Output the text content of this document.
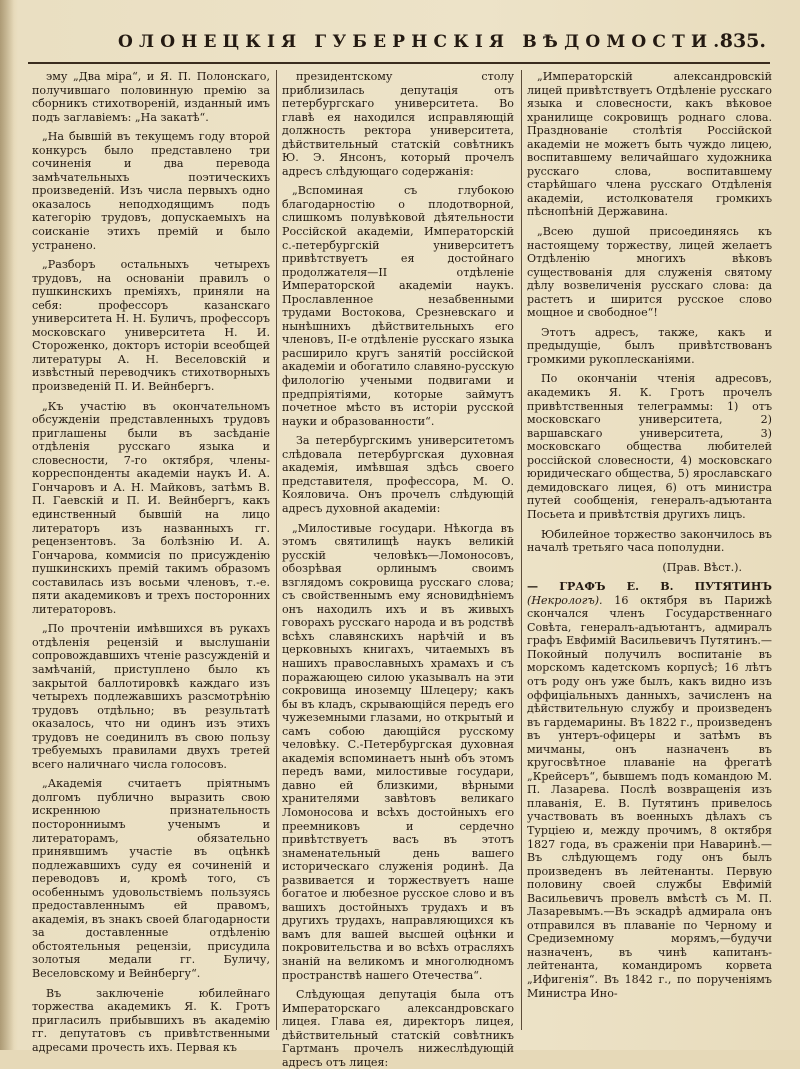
ОЛОНЕЦКІЯ ГУБЕРНСКІЯ ВѢДОМОСТИ.
835.

эму „Два міра“, и Я. П. Полонскаго, получившаго половинную премію за сборникъ стихотвореній, изданный имъ подъ заглавіемъ: „На закатѣ“.

„На бывшій въ текущемъ году второй конкурсъ было представлено три сочиненія и два перевода замѣчательныхъ поэтическихъ произведеній. Изъ числа первыхъ одно оказалось неподходящимъ подъ категорію трудовъ, допускаемыхъ на соисканіе этихъ премій и было устранено.

„Разборъ остальныхъ четырехъ трудовъ, на основаніи правилъ о пушкинскихъ преміяхъ, приняли на себя: профессоръ казанскаго университета Н. Н. Буличъ, профессоръ московскаго университета Н. И. Стороженко, докторъ исторіи всеобщей литературы А. Н. Веселовскій и извѣстный переводчикъ стихотворныхъ произведеній П. И. Вейнбергъ.

„Къ участію въ окончательномъ обсужденіи представленныхъ трудовъ приглашены были въ засѣданіе отдѣленія русскаго языка и словесности, 7-го октября, члены-корреспонденты академіи наукъ И. А. Гончаровъ и А. Н. Майковъ, затѣмъ В. П. Гаевскій и П. И. Вейнбергъ, какъ единственный бывшій на лицо литераторъ изъ названныхъ гг. рецензентовъ. За болѣзнію И. А. Гончарова, коммисія по присужденію пушкинскихъ премій такимъ образомъ составилась изъ восьми членовъ, т.-е. пяти академиковъ и трехъ посторонних литераторовъ.

„По прочтеніи имѣвшихся въ рукахъ отдѣленія рецензій и выслушаніи сопровождавшихъ чтеніе разсужденій и замѣчаній, приступлено было къ закрытой баллотировкѣ каждаго изъ четырехъ подлежавшихъ разсмотрѣнію трудовъ отдѣльно; въ результатѣ оказалось, что ни одинъ изъ этихъ трудовъ не соединилъ въ свою пользу требуемыхъ правилами двухъ третей всего наличнаго числа голосовъ.

„Академія считаетъ пріятнымъ долгомъ публично выразить свою искреннюю признательность посторонниымъ ученымъ и литераторамъ, обязательно принявшимъ участіе въ оцѣнкѣ подлежавшихъ суду ея сочиненій и переводовъ и, кромѣ того, съ особеннымъ удовольствіемъ пользуясь предоставленнымъ ей правомъ, академія, въ знакъ своей благодарности за доставленные отдѣленію обстоятельныя рецензіи, присудила золотыя медали гг. Буличу, Веселовскому и Вейнбергу“.

Въ заключеніе юбилейнаго торжества академикъ Я. К. Гротъ пригласилъ прибывшихъ въ академію гг. депутатовъ съ привѣтственными адресами прочесть ихъ. Первая къ

президентскому столу приблизилась депутація отъ петербургскаго университета. Во главѣ ея находился исправляющій должность ректора университета, дѣйствительный статскій совѣтникъ Ю. Э. Янсонъ, который прочелъ адресъ слѣдующаго содержанія:

„Вспоминая съ глубокою благодарностію о плодотворной, слишкомъ полувѣковой дѣятельности Россійской академіи, Императорскій с.-петербургскій университетъ привѣтствуетъ ея достойнаго продолжателя—II отдѣленіе Императорской академіи наукъ. Прославленное незабвенными трудами Востокова, Срезневскаго и нынѣшнихъ дѣйствительныхъ его членовъ, II-е отдѣленіе русскаго языка расширило кругъ занятій россійской академіи и обогатило славяно-русскую филологію учеными подвигами и предпріятіями, которые займутъ почетное мѣсто въ исторіи русской науки и образованности“.

За петербургскимъ университетомъ слѣдовала петербургская духовная академія, имѣвшая здѣсь своего представителя, профессора, М. О. Кояловича. Онъ прочелъ слѣдующій адресъ духовной академіи:

„Милостивые государи. Нѣкогда въ этомъ святилищѣ наукъ великій русскій человѣкъ—Ломоносовъ, обозрѣвая орлинымъ своимъ взглядомъ сокровища русскаго слова; съ свойственнымъ ему ясновидѣніемъ онъ находилъ ихъ и въ живыхъ говорахъ русскаго народа и въ родствѣ всѣхъ славянскихъ нарѣчій и въ церковныхъ книгахъ, читаемыхъ въ нашихъ православныхъ храмахъ и съ поражающею силою указывалъ на эти сокровища иноземцу Шлецеру; какъ бы въ кладъ, скрывающійся передъ его чужеземными глазами, но открытый и самъ собою дающійся русскому человѣку. С.-Петербургская духовная академія вспоминаетъ нынѣ объ этомъ передъ вами, милостивые государи, давно ей близкими, вѣрными хранителями завѣтовъ великаго Ломоносова и всѣхъ достойныхъ его преемниковъ и сердечно привѣтствуетъ васъ въ этотъ знаменательный день вашего историческаго служенія родинѣ. Да развивается и торжествуетъ наше богатое и любезное русское слово и въ вашихъ достойныхъ трудахъ и въ другихъ трудахъ, направляющихся къ вамъ для вашей высшей оцѣнки и покровительства и во всѣхъ отрасляхъ знаній на великомъ и многолюдномъ пространствѣ нашего Отечества“.

Слѣдующая депутація была отъ Императорскаго александровскаго лицея. Глава ея, директоръ лицея, дѣйствительный статскій совѣтникъ Гартманъ прочелъ нижеслѣдующій адресъ отъ лицея:

„Императорскій александровскій лицей привѣтствуетъ Отдѣленіе русскаго языка и словесности, какъ вѣковое хранилище сокровищъ роднаго слова. Празднованіе столѣтія Россійской академіи не можетъ быть чуждо лицею, воспитавшему величайшаго художника русскаго слова, воспитавшему старѣйшаго члена русскаго Отдѣленія академіи, истолкователя громкихъ пѣснопѣній Державина.

„Всею душой присоединяясь къ настоящему торжеству, лицей желаетъ Отдѣленію многихъ вѣковъ существованія для служенія святому дѣлу возвеличенія русскаго слова: да растетъ и ширится русское слово мощное и свободное“!

Этотъ адресъ, также, какъ и предыдущіе, былъ привѣтствованъ громкими рукоплесканіями.

По окончаніи чтенія адресовъ, академикъ Я. К. Гротъ прочелъ привѣтственныя телеграммы: 1) отъ московскаго университета, 2) варшавскаго университета, 3) московскаго общества любителей россійской словесности, 4) московскаго юридическаго общества, 5) ярославскаго демидовскаго лицея, 6) отъ министра путей сообщенія, генералъ-адъютанта Посьета и привѣтствія другихъ лицъ.

Юбилейное торжество закончилось въ началѣ третьяго часа пополудни.

(Прав. Вѣст.).

— ГРАФЪ Е. В. ПУТЯТИНЪ (Некрологъ). 16 октября въ Парижѣ скончался членъ Государственнаго Совѣта, генералъ-адъютантъ, адмиралъ графъ Евфимій Васильевичъ Путятинъ.—Покойный получилъ воспитаніе въ морскомъ кадетскомъ корпусѣ; 16 лѣтъ отъ роду онъ уже былъ, какъ видно изъ оффиціальныхъ данныхъ, зачисленъ на дѣйствительную службу и произведенъ въ гардемарины. Въ 1822 г., произведенъ въ унтеръ-офицеры и затѣмъ въ мичманы, онъ назначенъ въ кругосвѣтное плаваніе на фрегатѣ „Крейсеръ“, бывшемъ подъ командою М. П. Лазарева. Послѣ возвращенія изъ плаванія, Е. В. Путятинъ привелось участвовать въ военныхъ дѣлахъ съ Турціею и, между прочимъ, 8 октября 1827 года, въ сраженіи при Наваринѣ.—Въ слѣдующемъ году онъ былъ произведенъ въ лейтенанты. Первую половину своей службы Евфимій Васильевичъ провелъ вмѣстѣ съ М. П. Лазаревымъ.—Въ эскадрѣ адмирала онъ отправился въ плаваніе по Черному и Средиземному морямъ,—будучи назначенъ, въ чинѣ капитанъ-лейтенанта, командиромъ корвета „Ифигенія“. Въ 1842 г., по порученіямъ Министра Ино-
